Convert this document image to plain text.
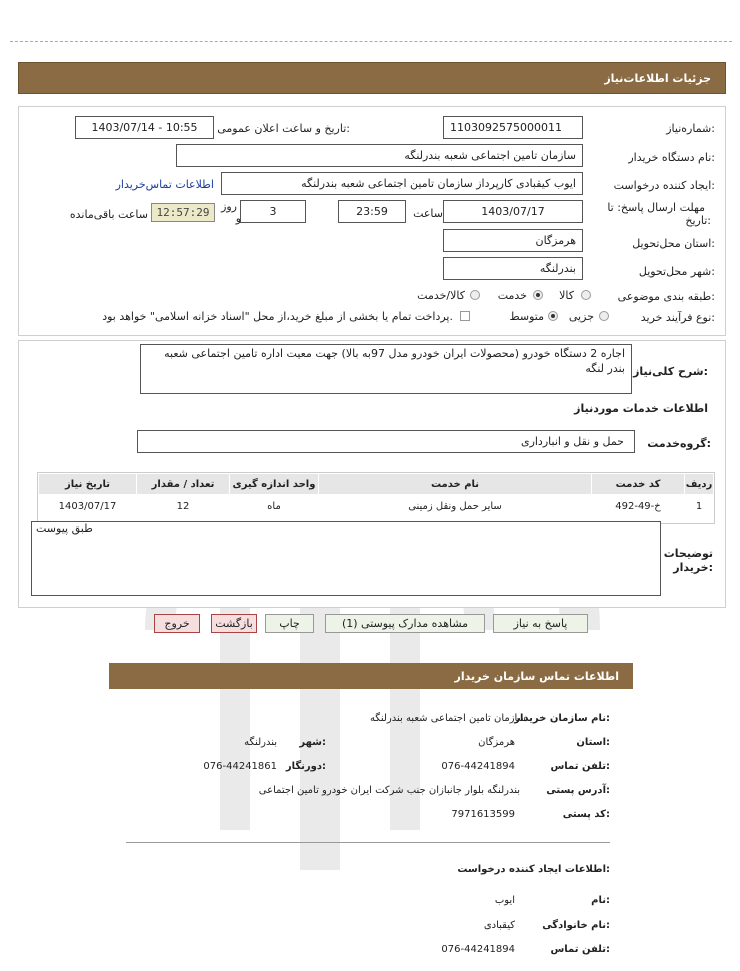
جزئیات اطلاعات‌نیاز
شماره‌نیاز:
1103092575000011
تاریخ و ساعت اعلان عمومی:
1403/07/14 - 10:55
نام دستگاه خریدار:
سازمان تامین اجتماعی شعبه بندرلنگه
ایجاد کننده درخواست:
ایوب کیقبادی کارپرداز سازمان تامین اجتماعی شعبه بندرلنگه
اطلاعات تماس‌خریدار
مهلت ارسال پاسخ: تا
تاریخ:
1403/07/17
ساعت
23:59
3
روز
و
12:57:29
ساعت باقی‌مانده
استان محل‌تحویل:
هرمزگان
شهر محل‌تحویل:
بندرلنگه
طبقه بندی موضوعی:
کالا
خدمت
کالا/خدمت
نوع فرآیند خرید:
جزیی
متوسط
پرداخت تمام یا بخشی از مبلغ خرید،از محل "اسناد خزانه اسلامی" خواهد بود.
شرح کلی‌نیاز:
اجاره 2 دستگاه خودرو (محصولات ایران خودرو مدل 97به بالا) جهت معیت اداره تامین اجتماعی شعبه بندر لنگه
اطلاعات خدمات موردنیاز
گروه‌خدمت:
حمل و نقل و انبارداری
ردیف	کد خدمت	نام خدمت	واحد اندازه گیری	تعداد / مقدار	تاریخ نیاز
1	خ-49-492	سایر حمل ونقل زمینی	ماه	12	1403/07/17
توضیحات
خریدار:
طبق پیوست
پاسخ به نیاز
مشاهده مدارک پیوستی (1)
چاپ
بازگشت
خروج
اطلاعات تماس سازمان خریدار
نام سازمان خریدار:
سازمان تامین اجتماعی شعبه بندرلنگه
استان:
هرمزگان
شهر:
بندرلنگه
تلفن تماس:
076-44241894
دورنگار:
076-44241861
آدرس پستی:
بندرلنگه بلوار جانبازان جنب شرکت ایران خودرو تامین اجتماعی
کد پستی:
7971613599
اطلاعات ایجاد کننده درخواست:
نام:
ایوب
نام خانوادگی:
کیقبادی
تلفن تماس:
076-44241894
